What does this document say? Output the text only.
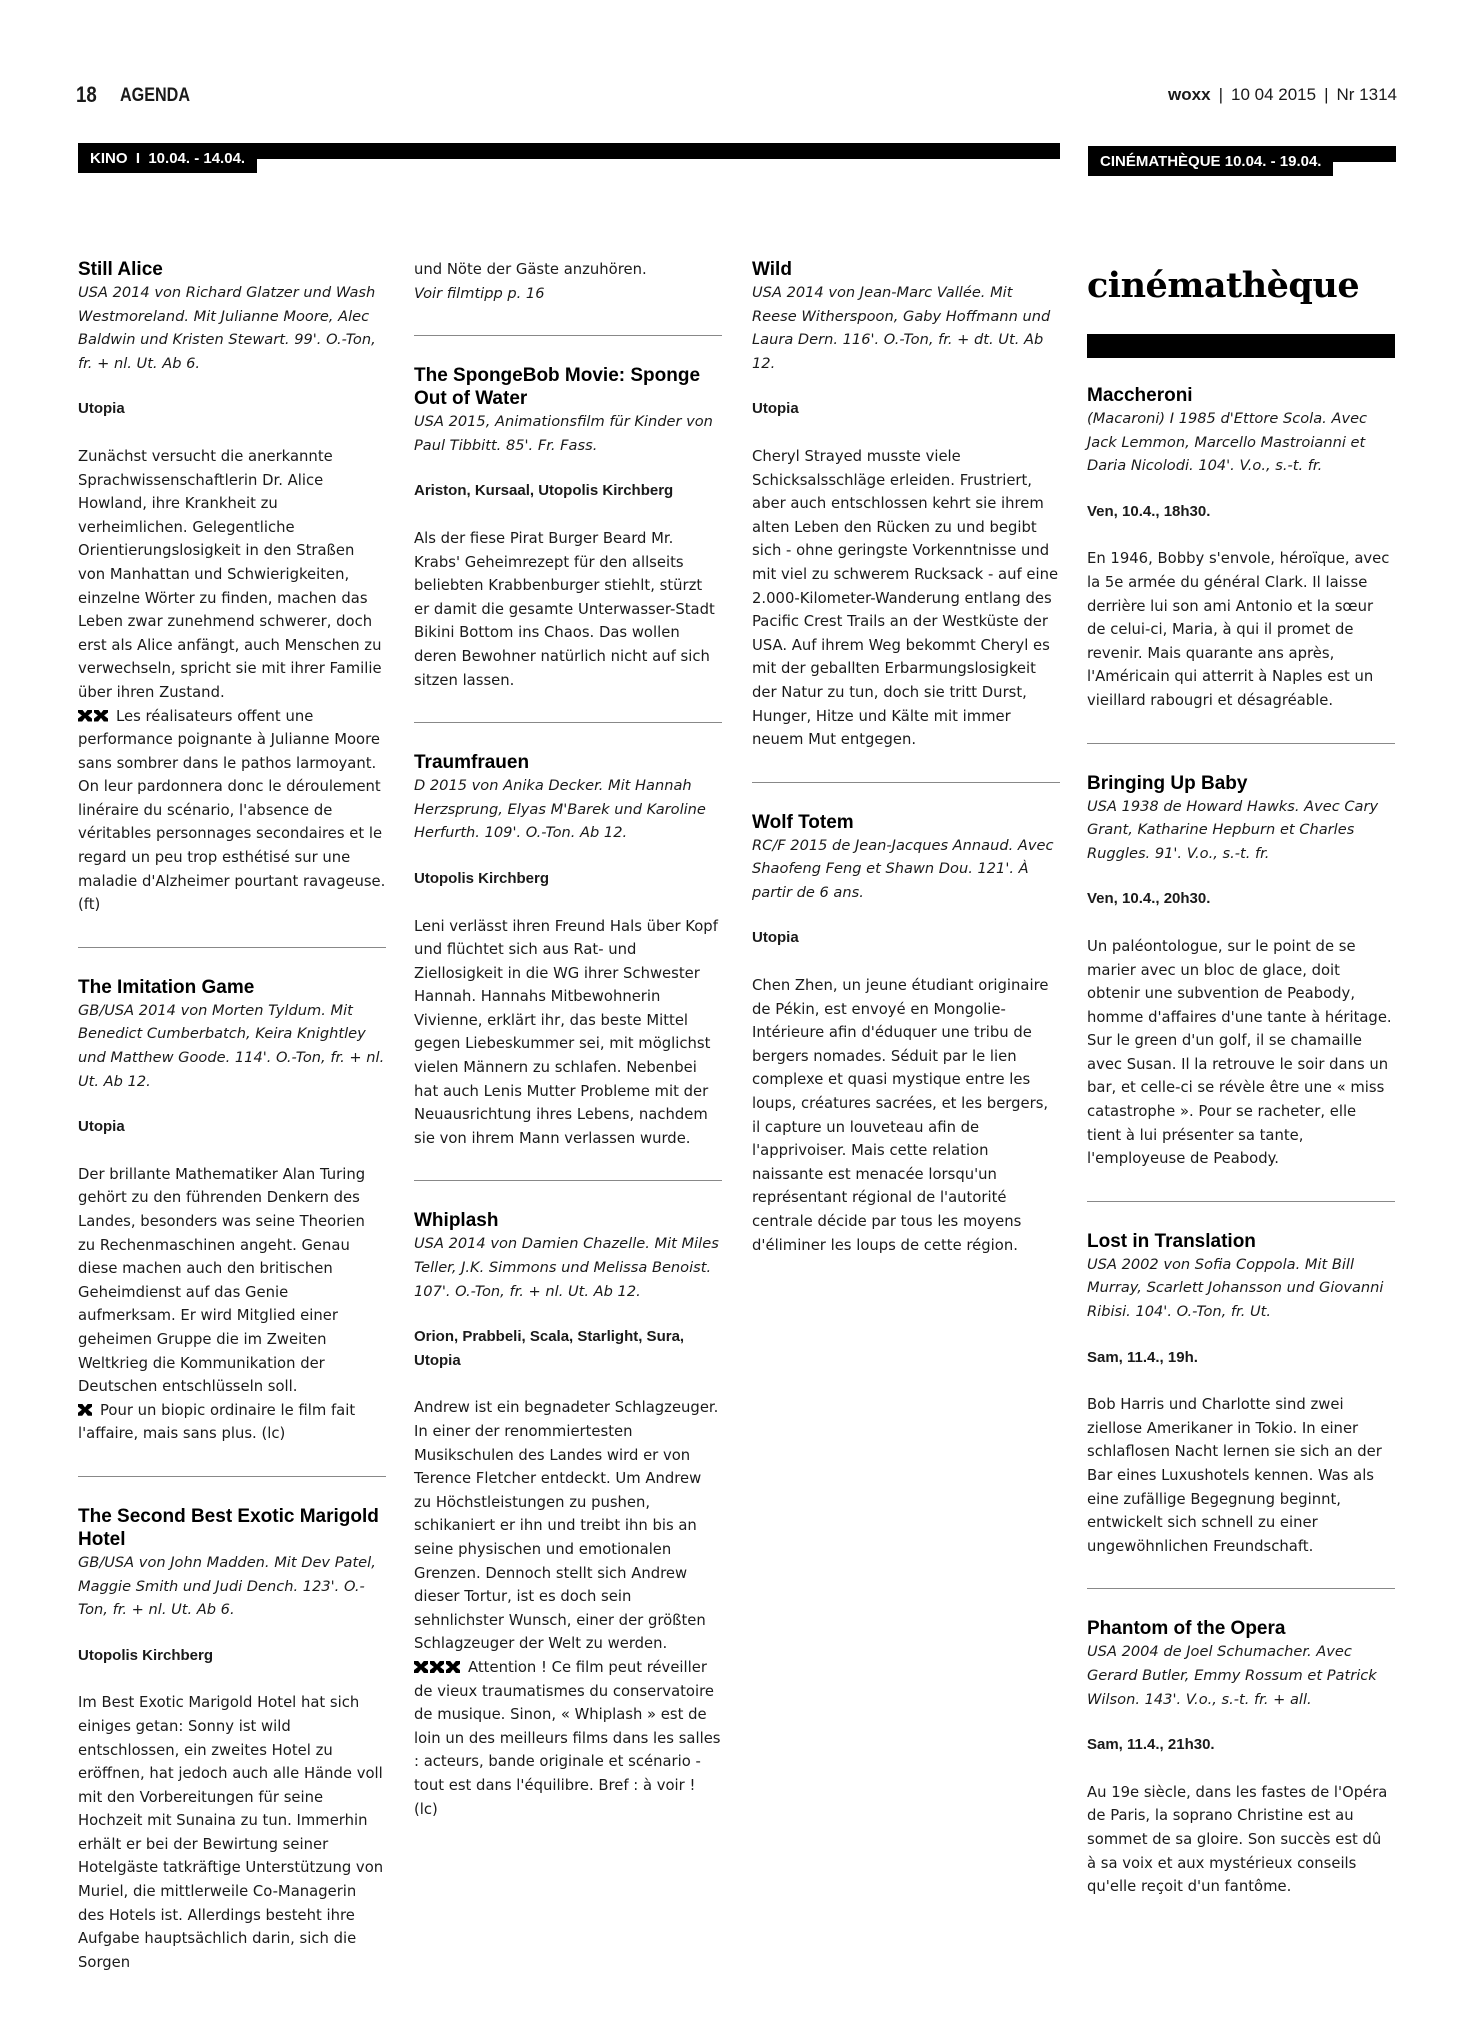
18 AGENDA	woxx | 10 04 2015 | Nr 1314
KINO  I  10.04. - 14.04.	CINÉMATHÈQUE 10.04. - 19.04.
Still Alice

USA 2014 von Richard Glatzer und Wash Westmoreland. Mit Julianne Moore, Alec Baldwin und Kristen Stewart. 99'. O.-Ton, fr. + nl. Ut. Ab 6.

Utopia

Zunächst versucht die anerkannte Sprachwissenschaftlerin Dr. Alice Howland, ihre Krankheit zu verheimlichen. Gelegentliche Orientierungslosigkeit in den Straßen von Manhattan und Schwierigkeiten, einzelne Wörter zu finden, machen das Leben zwar zunehmend schwerer, doch erst als Alice anfängt, auch Menschen zu verwechseln, spricht sie mit ihrer Familie über ihren Zustand.

Les réalisateurs offent une performance poignante à Julianne Moore sans sombrer dans le pathos larmoyant. On leur pardonnera donc le déroulement linéraire du scénario, l'absence de véritables personnages secondaires et le regard un peu trop esthétisé sur une maladie d'Alzheimer pourtant ravageuse. (ft)

The Imitation Game

GB/USA 2014 von Morten Tyldum. Mit Benedict Cumberbatch, Keira Knightley und Matthew Goode. 114'. O.-Ton, fr. + nl. Ut. Ab 12.

Utopia

Der brillante Mathematiker Alan Turing gehört zu den führenden Denkern des Landes, besonders was seine Theorien zu Rechenmaschinen angeht. Genau diese machen auch den britischen Geheimdienst auf das Genie aufmerksam. Er wird Mitglied einer geheimen Gruppe die im Zweiten Weltkrieg die Kommunikation der Deutschen entschlüsseln soll.

Pour un biopic ordinaire le film fait l'affaire, mais sans plus. (lc)

The Second Best Exotic Marigold Hotel

GB/USA von John Madden. Mit Dev Patel, Maggie Smith und Judi Dench. 123'. O.-Ton, fr. + nl. Ut. Ab 6.

Utopolis Kirchberg

Im Best Exotic Marigold Hotel hat sich einiges getan: Sonny ist wild entschlossen, ein zweites Hotel zu eröffnen, hat jedoch auch alle Hände voll mit den Vorbereitungen für seine Hochzeit mit Sunaina zu tun. Immerhin erhält er bei der Bewirtung seiner Hotelgäste tatkräftige Unterstützung von Muriel, die mittlerweile Co-Managerin des Hotels ist. Allerdings besteht ihre Aufgabe hauptsächlich darin, sich die Sorgen

und Nöte der Gäste anzuhören.

Voir filmtipp p. 16

The SpongeBob Movie: Sponge Out of Water

USA 2015, Animationsfilm für Kinder von Paul Tibbitt. 85'. Fr. Fass.

Ariston, Kursaal, Utopolis Kirchberg

Als der fiese Pirat Burger Beard Mr. Krabs' Geheimrezept für den allseits beliebten Krabbenburger stiehlt, stürzt er damit die gesamte Unterwasser-Stadt Bikini Bottom ins Chaos. Das wollen deren Bewohner natürlich nicht auf sich sitzen lassen.

Traumfrauen

D 2015 von Anika Decker. Mit Hannah Herzsprung, Elyas M'Barek und Karoline Herfurth. 109'. O.-Ton. Ab 12.

Utopolis Kirchberg

Leni verlässt ihren Freund Hals über Kopf und flüchtet sich aus Rat- und Ziellosigkeit in die WG ihrer Schwester Hannah. Hannahs Mitbewohnerin Vivienne, erklärt ihr, das beste Mittel gegen Liebeskummer sei, mit möglichst vielen Männern zu schlafen. Nebenbei hat auch Lenis Mutter Probleme mit der Neuausrichtung ihres Lebens, nachdem sie von ihrem Mann verlassen wurde.

Whiplash

USA 2014 von Damien Chazelle. Mit Miles Teller, J.K. Simmons und Melissa Benoist. 107'. O.-Ton, fr. + nl. Ut. Ab 12.

Orion, Prabbeli, Scala, Starlight, Sura, Utopia

Andrew ist ein begnadeter Schlagzeuger. In einer der renommiertesten Musikschulen des Landes wird er von Terence Fletcher entdeckt. Um Andrew zu Höchstleistungen zu pushen, schikaniert er ihn und treibt ihn bis an seine physischen und emotionalen Grenzen. Dennoch stellt sich Andrew dieser Tortur, ist es doch sein sehnlichster Wunsch, einer der größten Schlagzeuger der Welt zu werden.

Attention ! Ce film peut réveiller de vieux traumatismes du conservatoire de musique. Sinon, « Whiplash » est de loin un des meilleurs films dans les salles : acteurs, bande originale et scénario - tout est dans l'équilibre. Bref : à voir ! (lc)

Wild

USA 2014 von Jean-Marc Vallée. Mit Reese Witherspoon, Gaby Hoffmann und Laura Dern. 116'. O.-Ton, fr. + dt. Ut. Ab 12.

Utopia

Cheryl Strayed musste viele Schicksalsschläge erleiden. Frustriert, aber auch entschlossen kehrt sie ihrem alten Leben den Rücken zu und begibt sich - ohne geringste Vorkenntnisse und mit viel zu schwerem Rucksack - auf eine 2.000-Kilometer-Wanderung entlang des Pacific Crest Trails an der Westküste der USA. Auf ihrem Weg bekommt Cheryl es mit der geballten Erbarmungslosigkeit der Natur zu tun, doch sie tritt Durst, Hunger, Hitze und Kälte mit immer neuem Mut entgegen.

Wolf Totem

RC/F 2015 de Jean-Jacques Annaud. Avec Shaofeng Feng et Shawn Dou. 121'. À partir de 6 ans.

Utopia

Chen Zhen, un jeune étudiant originaire de Pékin, est envoyé en Mongolie-Intérieure afin d'éduquer une tribu de bergers nomades. Séduit par le lien complexe et quasi mystique entre les loups, créatures sacrées, et les bergers, il capture un louveteau afin de l'apprivoiser. Mais cette relation naissante est menacée lorsqu'un représentant régional de l'autorité centrale décide par tous les moyens d'éliminer les loups de cette région.

cinémathèque
Maccheroni

(Macaroni) I 1985 d'Ettore Scola. Avec Jack Lemmon, Marcello Mastroianni et Daria Nicolodi. 104'. V.o., s.-t. fr.

Ven, 10.4., 18h30.

En 1946, Bobby s'envole, héroïque, avec la 5e armée du général Clark. Il laisse derrière lui son ami Antonio et la sœur de celui-ci, Maria, à qui il promet de revenir. Mais quarante ans après, l'Américain qui atterrit à Naples est un vieillard rabougri et désagréable.

Bringing Up Baby

USA 1938 de Howard Hawks. Avec Cary Grant, Katharine Hepburn et Charles Ruggles. 91'. V.o., s.-t. fr.

Ven, 10.4., 20h30.

Un paléontologue, sur le point de se marier avec un bloc de glace, doit obtenir une subvention de Peabody, homme d'affaires d'une tante à héritage. Sur le green d'un golf, il se chamaille avec Susan. Il la retrouve le soir dans un bar, et celle-ci se révèle être une « miss catastrophe ». Pour se racheter, elle tient à lui présenter sa tante, l'employeuse de Peabody.

Lost in Translation

USA 2002 von Sofia Coppola. Mit Bill Murray, Scarlett Johansson und Giovanni Ribisi. 104'. O.-Ton, fr. Ut.

Sam, 11.4., 19h.

Bob Harris und Charlotte sind zwei ziellose Amerikaner in Tokio. In einer schlaflosen Nacht lernen sie sich an der Bar eines Luxushotels kennen. Was als eine zufällige Begegnung beginnt, entwickelt sich schnell zu einer ungewöhnlichen Freundschaft.

Phantom of the Opera

USA 2004 de Joel Schumacher. Avec Gerard Butler, Emmy Rossum et Patrick Wilson. 143'. V.o., s.-t. fr. + all.

Sam, 11.4., 21h30.

Au 19e siècle, dans les fastes de l'Opéra de Paris, la soprano Christine est au sommet de sa gloire. Son succès est dû à sa voix et aux mystérieux conseils qu'elle reçoit d'un fantôme.
